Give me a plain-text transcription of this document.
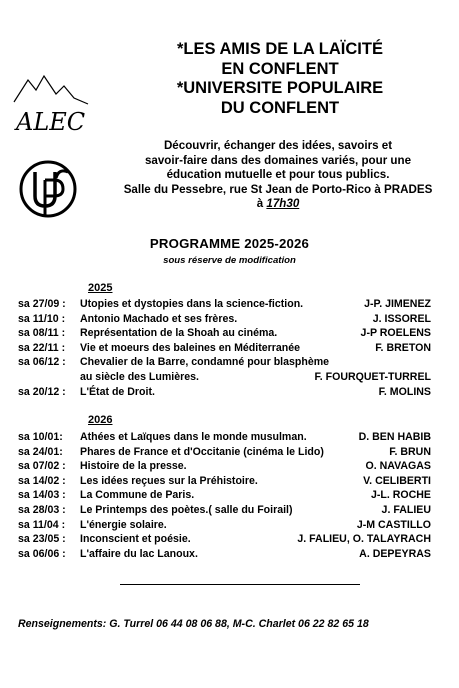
ALEC
*LES AMIS DE LA LAÏCITÉ
EN CONFLENT
*UNIVERSITE POPULAIRE
DU CONFLENT
Découvrir, échanger des idées, savoirs et
savoir-faire dans des domaines variés, pour une
éducation mutuelle et pour tous publics.
Salle du Pessebre, rue St Jean de Porto-Rico à PRADES
à 17h30
PROGRAMME 2025-2026
sous réserve de modification
2025
sa 27/09 : Utopies et dystopies dans la science-fiction.	J-P. JIMENEZ
sa 11/10 : Antonio Machado et ses frères.	J. ISSOREL
sa 08/11 : Représentation de la Shoah au cinéma.	J-P ROELENS
sa 22/11 : Vie et moeurs des baleines en Méditerranée	F. BRETON
sa 06/12 : Chevalier de la Barre, condamné pour blasphème
au siècle des Lumières.	F. FOURQUET-TURREL
sa 20/12 : L'État de Droit.	F. MOLINS
2026
sa 10/01: Athées et Laïques dans le monde musulman.	D. BEN HABIB
sa 24/01: Phares de France et d'Occitanie (cinéma le Lido)	F. BRUN
sa 07/02 : Histoire de la presse.	O. NAVAGAS
sa 14/02 : Les idées reçues sur la Préhistoire.	V. CELIBERTI
sa 14/03 : La Commune de Paris.	J-L. ROCHE
sa 28/03 : Le Printemps des poètes.( salle du Foirail)	J. FALIEU
sa 11/04 : L'énergie solaire.	J-M CASTILLO
sa 23/05 : Inconscient et poésie.	J. FALIEU, O. TALAYRACH
sa 06/06 : L'affaire du lac Lanoux.	A. DEPEYRAS
Renseignements: G. Turrel 06 44 08 06 88, M-C. Charlet 06 22 82 65 18
